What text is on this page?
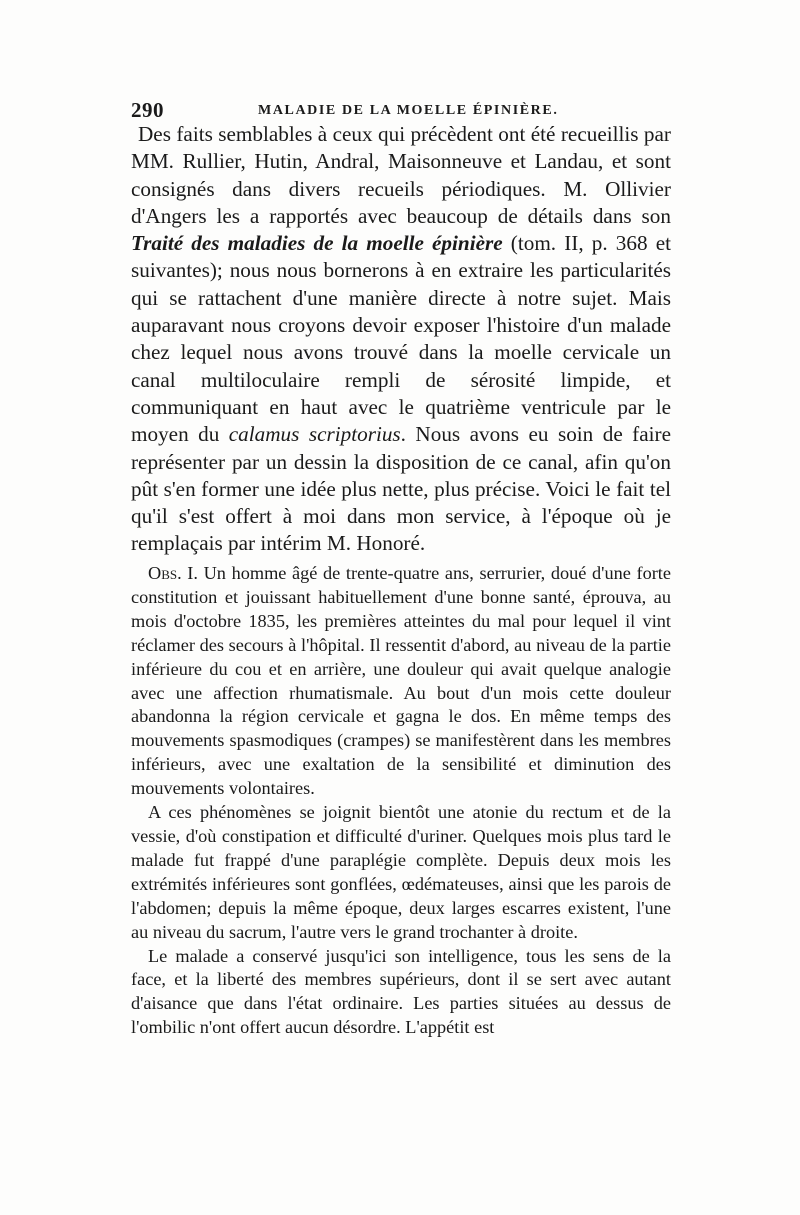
290	MALADIE DE LA MOELLE ÉPINIÈRE.

Des faits semblables à ceux qui précèdent ont été recueillis par MM. Rullier, Hutin, Andral, Maisonneuve et Landau, et sont consignés dans divers recueils périodiques. M. Ollivier d'Angers les a rapportés avec beaucoup de détails dans son Traité des maladies de la moelle épinière (tom. II, p. 368 et suivantes); nous nous bornerons à en extraire les particularités qui se rattachent d'une manière directe à notre sujet. Mais auparavant nous croyons devoir exposer l'histoire d'un malade chez lequel nous avons trouvé dans la moelle cervicale un canal multiloculaire rempli de sérosité limpide, et communiquant en haut avec le quatrième ventricule par le moyen du calamus scriptorius. Nous avons eu soin de faire représenter par un dessin la disposition de ce canal, afin qu'on pût s'en former une idée plus nette, plus précise. Voici le fait tel qu'il s'est offert à moi dans mon service, à l'époque où je remplaçais par intérim M. Honoré.

Obs. I. Un homme âgé de trente-quatre ans, serrurier, doué d'une forte constitution et jouissant habituellement d'une bonne santé, éprouva, au mois d'octobre 1835, les premières atteintes du mal pour lequel il vint réclamer des secours à l'hôpital. Il ressentit d'abord, au niveau de la partie inférieure du cou et en arrière, une douleur qui avait quelque analogie avec une affection rhumatismale. Au bout d'un mois cette douleur abandonna la région cervicale et gagna le dos. En même temps des mouvements spasmodiques (crampes) se manifestèrent dans les membres inférieurs, avec une exaltation de la sensibilité et diminution des mouvements volontaires.

A ces phénomènes se joignit bientôt une atonie du rectum et de la vessie, d'où constipation et difficulté d'uriner. Quelques mois plus tard le malade fut frappé d'une paraplégie complète. Depuis deux mois les extrémités inférieures sont gonflées, œdémateuses, ainsi que les parois de l'abdomen; depuis la même époque, deux larges escarres existent, l'une au niveau du sacrum, l'autre vers le grand trochanter à droite.

Le malade a conservé jusqu'ici son intelligence, tous les sens de la face, et la liberté des membres supérieurs, dont il se sert avec autant d'aisance que dans l'état ordinaire. Les parties situées au dessus de l'ombilic n'ont offert aucun désordre. L'appétit est
